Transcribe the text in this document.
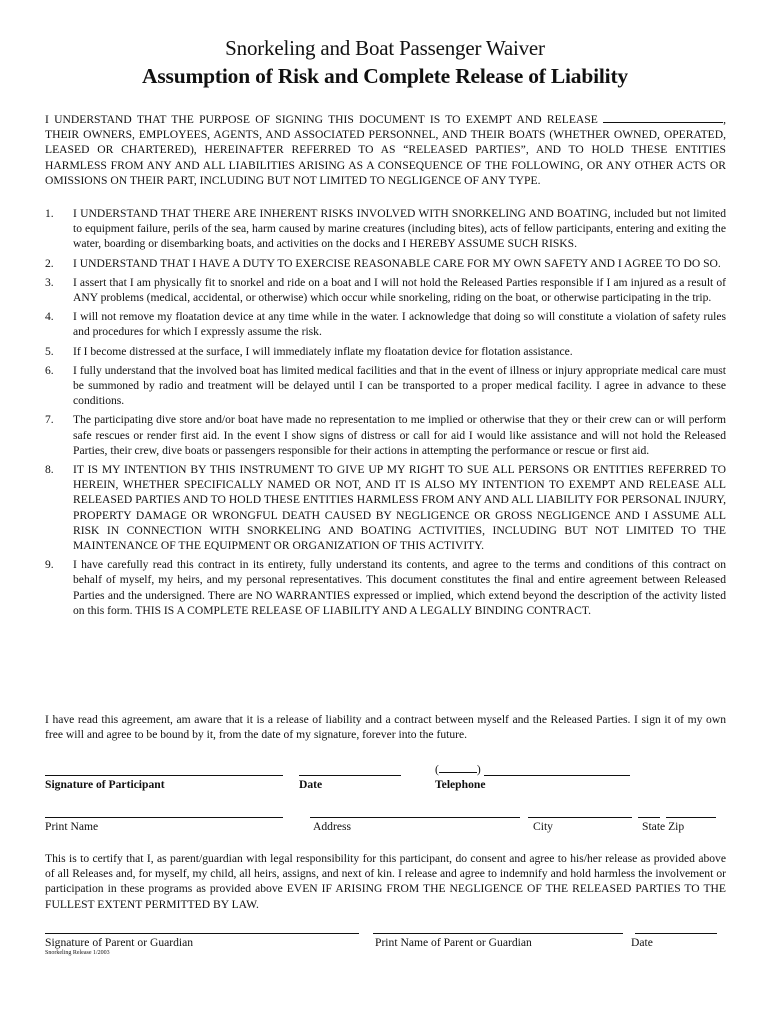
Snorkeling and Boat Passenger Waiver
Assumption of Risk and Complete Release of Liability
I UNDERSTAND THAT THE PURPOSE OF SIGNING THIS DOCUMENT IS TO EXEMPT AND RELEASE	, THEIR OWNERS, EMPLOYEES, AGENTS, AND ASSOCIATED PERSONNEL, AND THEIR BOATS (WHETHER OWNED, OPERATED, LEASED OR CHARTERED), HEREINAFTER REFERRED TO AS “RELEASED PARTIES”, AND TO HOLD THESE ENTITIES HARMLESS FROM ANY AND ALL LIABILITIES ARISING AS A CONSEQUENCE OF THE FOLLOWING, OR ANY OTHER ACTS OR OMISSIONS ON THEIR PART, INCLUDING BUT NOT LIMITED TO NEGLIGENCE OF ANY TYPE.
1.	I UNDERSTAND THAT THERE ARE INHERENT RISKS INVOLVED WITH SNORKELING AND BOATING, included but not limited to equipment failure, perils of the sea, harm caused by marine creatures (including bites), acts of fellow participants, entering and exiting the water, boarding or disembarking boats, and activities on the docks and I HEREBY ASSUME SUCH RISKS.
2.	I UNDERSTAND THAT I HAVE A DUTY TO EXERCISE REASONABLE CARE FOR MY OWN SAFETY AND I AGREE TO DO SO.
3.	I assert that I am physically fit to snorkel and ride on a boat and I will not hold the Released Parties responsible if I am injured as a result of ANY problems (medical, accidental, or otherwise) which occur while snorkeling, riding on the boat, or otherwise participating in the trip.
4.	I will not remove my floatation device at any time while in the water. I acknowledge that doing so will constitute a violation of safety rules and procedures for which I expressly assume the risk.
5.	If I become distressed at the surface, I will immediately inflate my floatation device for flotation assistance.
6.	I fully understand that the involved boat has limited medical facilities and that in the event of illness or injury appropriate medical care must be summoned by radio and treatment will be delayed until I can be transported to a proper medical facility. I agree in advance to these conditions.
7.	The participating dive store and/or boat have made no representation to me implied or otherwise that they or their crew can or will perform safe rescues or render first aid. In the event I show signs of distress or call for aid I would like assistance and will not hold the Released Parties, their crew, dive boats or passengers responsible for their actions in attempting the performance or rescue or first aid.
8.	IT IS MY INTENTION BY THIS INSTRUMENT TO GIVE UP MY RIGHT TO SUE ALL PERSONS OR ENTITIES REFERRED TO HEREIN, WHETHER SPECIFICALLY NAMED OR NOT, AND IT IS ALSO MY INTENTION TO EXEMPT AND RELEASE ALL RELEASED PARTIES AND TO HOLD THESE ENTITIES HARMLESS FROM ANY AND ALL LIABILITY FOR PERSONAL INJURY, PROPERTY DAMAGE OR WRONGFUL DEATH CAUSED BY NEGLIGENCE OR GROSS NEGLIGENCE AND I ASSUME ALL RISK IN CONNECTION WITH SNORKELING AND BOATING ACTIVITIES, INCLUDING BUT NOT LIMITED TO THE MAINTENANCE OF THE EQUIPMENT OR ORGANIZATION OF THIS ACTIVITY.
9.	I have carefully read this contract in its entirety, fully understand its contents, and agree to the terms and conditions of this contract on behalf of myself, my heirs, and my personal representatives. This document constitutes the final and entire agreement between Released Parties and the undersigned. There are NO WARRANTIES expressed or implied, which extend beyond the description of the activity listed on this form. THIS IS A COMPLETE RELEASE OF LIABILITY AND A LEGALLY BINDING CONTRACT.
I have read this agreement, am aware that it is a release of liability and a contract between myself and the Released Parties. I sign it of my own free will and agree to be bound by it, from the date of my signature, forever into the future.
(	)
Signature of Participant	Date	Telephone
Print Name	Address	City	State Zip
This is to certify that I, as parent/guardian with legal responsibility for this participant, do consent and agree to his/her release as provided above of all Releases and, for myself, my child, all heirs, assigns, and next of kin. I release and agree to indemnify and hold harmless the involvement or participation in these programs as provided above EVEN IF ARISING FROM THE NEGLIGENCE OF THE RELEASED PARTIES TO THE FULLEST EXTENT PERMITTED BY LAW.
Signature of Parent or Guardian	Print Name of Parent or Guardian	Date
Snorkeling Release 1/2003
